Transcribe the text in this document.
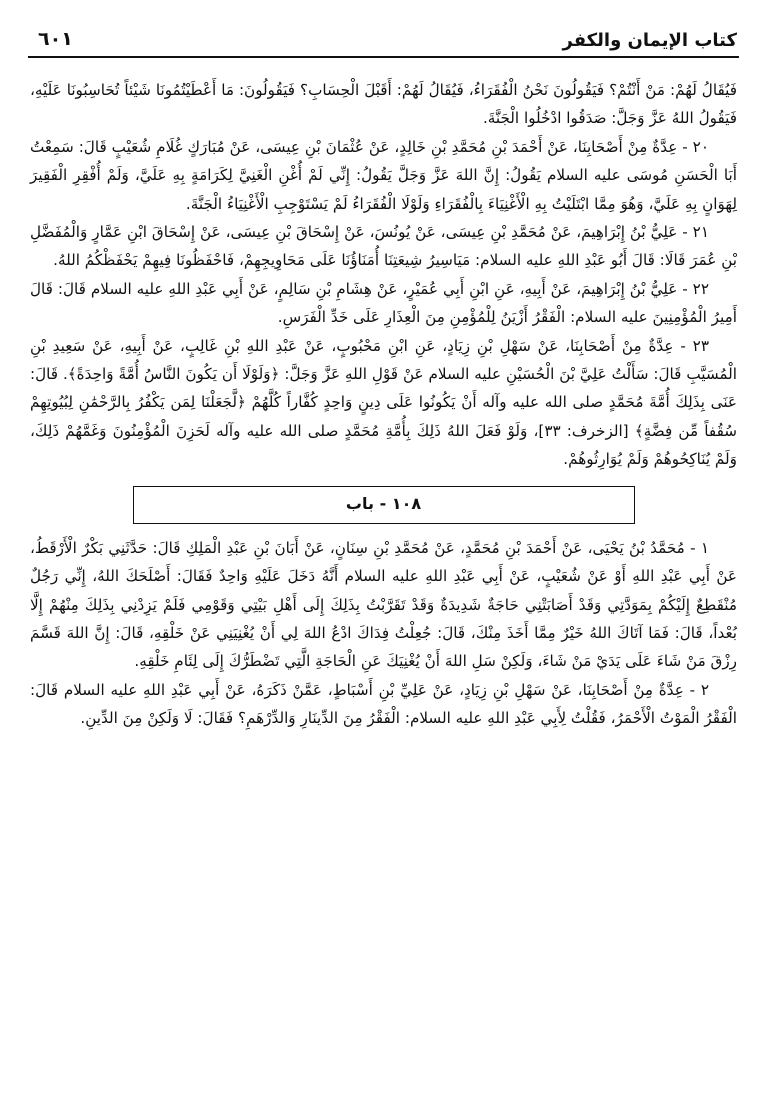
كتاب الإيمان والكفر
٦٠١

فَيُقَالُ لَهُمْ: مَنْ أَنْتُمْ؟ فَيَقُولُونَ نَحْنُ الْفُقَرَاءُ، فَيُقَالُ لَهُمْ: أَقَبْلَ الْحِسَابِ؟ فَيَقُولُونَ: مَا أَعْطَيْتُمُونَا شَيْئاً تُحَاسِبُونَا عَلَيْهِ، فَيَقُولُ اللهُ عَزَّ وَجَلَّ: صَدَقُوا ادْخُلُوا الْجَنَّةَ.

٢٠ - عِدَّةٌ مِنْ أَصْحَابِنَا، عَنْ أَحْمَدَ بْنِ مُحَمَّدِ بْنِ خَالِدٍ، عَنْ عُثْمَانَ بْنِ عِيسَى، عَنْ مُبَارَكٍ غُلَامِ شُعَيْبٍ قَالَ: سَمِعْتُ أَبَا الْحَسَنِ مُوسَى عليه السلام يَقُولُ: إِنَّ اللهَ عَزَّ وَجَلَّ يَقُولُ: إِنِّي لَمْ أُغْنِ الْغَنِيَّ لِكَرَامَةٍ بِهِ عَلَيَّ، وَلَمْ أُفْقِرِ الْفَقِيرَ لِهَوَانٍ بِهِ عَلَيَّ، وَهُوَ مِمَّا ابْتَلَيْتُ بِهِ الْأَغْنِيَاءَ بِالْفُقَرَاءِ وَلَوْلَا الْفُقَرَاءُ لَمْ يَسْتَوْجِبِ الْأَغْنِيَاءُ الْجَنَّةَ.

٢١ - عَلِيُّ بْنُ إِبْرَاهِيمَ، عَنْ مُحَمَّدِ بْنِ عِيسَى، عَنْ يُونُسَ، عَنْ إِسْحَاقَ بْنِ عِيسَى، عَنْ إِسْحَاقَ ابْنِ عَمَّارٍ وَالْمُفَضَّلِ بْنِ عُمَرَ قَالَا: قَالَ أَبُو عَبْدِ اللهِ عليه السلام: مَيَاسِيرُ شِيعَتِنَا أُمَنَاؤُنَا عَلَى مَحَاوِيجِهِمْ، فَاحْفَظُونَا فِيهِمْ يَحْفَظْكُمُ اللهُ.

٢٢ - عَلِيُّ بْنُ إِبْرَاهِيمَ، عَنْ أَبِيهِ، عَنِ ابْنِ أَبِي عُمَيْرٍ، عَنْ هِشَامِ بْنِ سَالِمٍ، عَنْ أَبِي عَبْدِ اللهِ عليه السلام قَالَ: قَالَ أَمِيرُ الْمُؤْمِنِينَ عليه السلام: الْفَقْرُ أَزْيَنُ لِلْمُؤْمِنِ مِنَ الْعِذَارِ عَلَى خَدِّ الْفَرَسِ.

٢٣ - عِدَّةٌ مِنْ أَصْحَابِنَا، عَنْ سَهْلِ بْنِ زِيَادٍ، عَنِ ابْنِ مَحْبُوبٍ، عَنْ عَبْدِ اللهِ بْنِ غَالِبٍ، عَنْ أَبِيهِ، عَنْ سَعِيدِ بْنِ الْمُسَيَّبِ قَالَ: سَأَلْتُ عَلِيَّ بْنَ الْحُسَيْنِ عليه السلام عَنْ قَوْلِ اللهِ عَزَّ وَجَلَّ: ﴿وَلَوْلَا أَن يَكُونَ النَّاسُ أُمَّةً وَاحِدَةً﴾. قَالَ: عَنَى بِذَلِكَ أُمَّةَ مُحَمَّدٍ صلى الله عليه وآله أَنْ يَكُونُوا عَلَى دِينٍ وَاحِدٍ كُفَّاراً كُلَّهُمْ ﴿لَّجَعَلْنَا لِمَن يَكْفُرُ بِالرَّحْمَٰنِ لِبُيُوتِهِمْ سُقُفاً مِّن فِضَّةٍ﴾ [الزخرف: ٣٣]، وَلَوْ فَعَلَ اللهُ ذَلِكَ بِأُمَّةِ مُحَمَّدٍ صلى الله عليه وآله لَحَزِنَ الْمُؤْمِنُونَ وَغَمَّهُمْ ذَلِكَ، وَلَمْ يُنَاكِحُوهُمْ وَلَمْ يُوَارِثُوهُمْ.

١٠٨ - باب

١ - مُحَمَّدُ بْنُ يَحْيَى، عَنْ أَحْمَدَ بْنِ مُحَمَّدٍ، عَنْ مُحَمَّدِ بْنِ سِنَانٍ، عَنْ أَبَانَ بْنِ عَبْدِ الْمَلِكِ قَالَ: حَدَّثَنِي بَكْرٌ الْأَرْقَطُ، عَنْ أَبِي عَبْدِ اللهِ أَوْ عَنْ شُعَيْبٍ، عَنْ أَبِي عَبْدِ اللهِ عليه السلام أَنَّهُ دَخَلَ عَلَيْهِ وَاحِدٌ فَقَالَ: أَصْلَحَكَ اللهُ، إِنِّي رَجُلٌ مُنْقَطِعٌ إِلَيْكُمْ بِمَوَدَّتِي وَقَدْ أَصَابَتْنِي حَاجَةٌ شَدِيدَةٌ وَقَدْ تَقَرَّبْتُ بِذَلِكَ إِلَى أَهْلِ بَيْتِي وَقَوْمِي فَلَمْ يَزِدْنِي بِذَلِكَ مِنْهُمْ إِلَّا بُعْداً، قَالَ: فَمَا آتَاكَ اللهُ خَيْرٌ مِمَّا أَخَذَ مِنْكَ، قَالَ: جُعِلْتُ فِدَاكَ ادْعُ اللهَ لِي أَنْ يُغْنِيَنِي عَنْ خَلْقِهِ، قَالَ: إِنَّ اللهَ قَسَّمَ رِزْقَ مَنْ شَاءَ عَلَى يَدَيْ مَنْ شَاءَ، وَلَكِنْ سَلِ اللهَ أَنْ يُغْنِيَكَ عَنِ الْحَاجَةِ الَّتِي تَضْطَرُّكَ إِلَى لِئَامِ خَلْقِهِ.

٢ - عِدَّةٌ مِنْ أَصْحَابِنَا، عَنْ سَهْلِ بْنِ زِيَادٍ، عَنْ عَلِيِّ بْنِ أَسْبَاطٍ، عَمَّنْ ذَكَرَهُ، عَنْ أَبِي عَبْدِ اللهِ عليه السلام قَالَ: الْفَقْرُ الْمَوْتُ الْأَحْمَرُ، فَقُلْتُ لِأَبِي عَبْدِ اللهِ عليه السلام: الْفَقْرُ مِنَ الدِّينَارِ وَالدِّرْهَمِ؟ فَقَالَ: لَا وَلَكِنْ مِنَ الدِّينِ.
